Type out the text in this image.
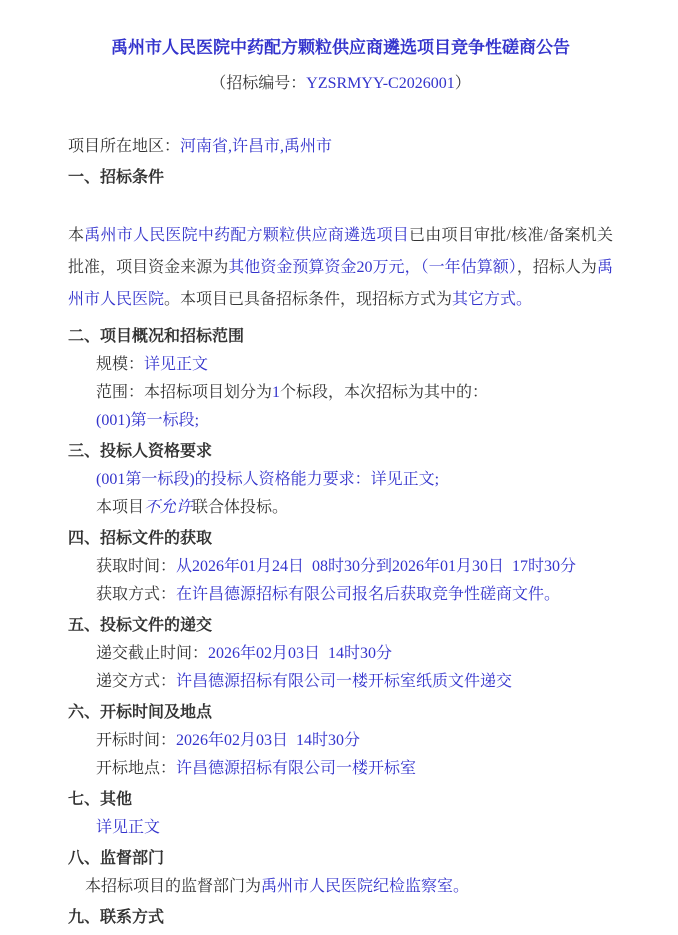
禹州市人民医院中药配方颗粒供应商遴选项目竞争性磋商公告
（招标编号：YZSRMYY-C2026001）
项目所在地区：河南省,许昌市,禹州市
一、招标条件
本禹州市人民医院中药配方颗粒供应商遴选项目已由项目审批/核准/备案机关批准，项目资金来源为其他资金预算资金20万元，（一年估算额），招标人为禹州市人民医院。本项目已具备招标条件，现招标方式为其它方式。
二、项目概况和招标范围
规模：详见正文
范围：本招标项目划分为1个标段，本次招标为其中的：
(001)第一标段;
三、投标人资格要求
(001第一标段)的投标人资格能力要求：详见正文;
本项目不允许联合体投标。
四、招标文件的获取
获取时间：从2026年01月24日  08时30分到2026年01月30日  17时30分
获取方式：在许昌德源招标有限公司报名后获取竞争性磋商文件。
五、投标文件的递交
递交截止时间：2026年02月03日  14时30分
递交方式：许昌德源招标有限公司一楼开标室纸质文件递交
六、开标时间及地点
开标时间：2026年02月03日  14时30分
开标地点：许昌德源招标有限公司一楼开标室
七、其他
详见正文
八、监督部门
本招标项目的监督部门为禹州市人民医院纪检监察室。
九、联系方式
